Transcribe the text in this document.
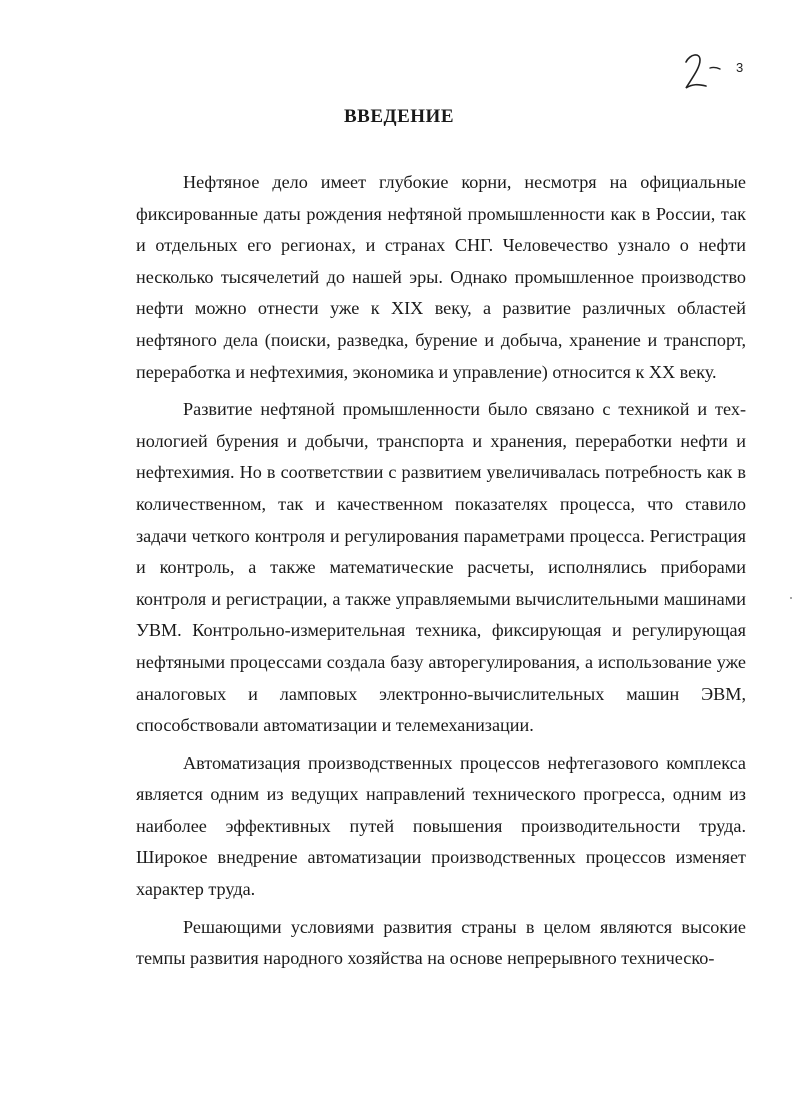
3
ВВЕДЕНИЕ

Нефтяное дело имеет глубокие корни, несмотря на официальные фиксированные даты рождения нефтяной промышленности как в России, так и отдельных его регионах, и странах СНГ. Человечество узнало о нефти несколько тысячелетий до нашей эры. Однако промышленное производство нефти можно отнести уже к XIX веку, а развитие различных областей нефтяного дела (поиски, разведка, бурение и добыча, хранение и транспорт, переработка и нефтехимия, экономика и управление) относится к XX веку.

Развитие нефтяной промышленности было связано с техникой и технологией бурения и добычи, транспорта и хранения, переработки нефти и нефтехимия. Но в соответствии с развитием увеличивалась потребность как в количественном, так и качественном показателях процесса, что ставило задачи четкого контроля и регулирования параметрами процесса. Регистрация и контроль, а также математические расчеты, исполнялись приборами контроля и регистрации, а также управляемыми вычислительными машинами УВМ. Контрольно-измерительная техника, фиксирующая и регулирующая нефтяными процессами создала базу авторегулирования, а использование уже аналоговых и ламповых электронно-вычислительных машин ЭВМ, способствовали автоматизации и телемеханизации.

Автоматизация производственных процессов нефтегазового комплекса является одним из ведущих направлений технического прогресса, одним из наиболее эффективных путей повышения производительности труда. Широкое внедрение автоматизации производственных процессов изменяет характер труда.

Решающими условиями развития страны в целом являются высокие темпы развития народного хозяйства на основе непрерывного техническо-
